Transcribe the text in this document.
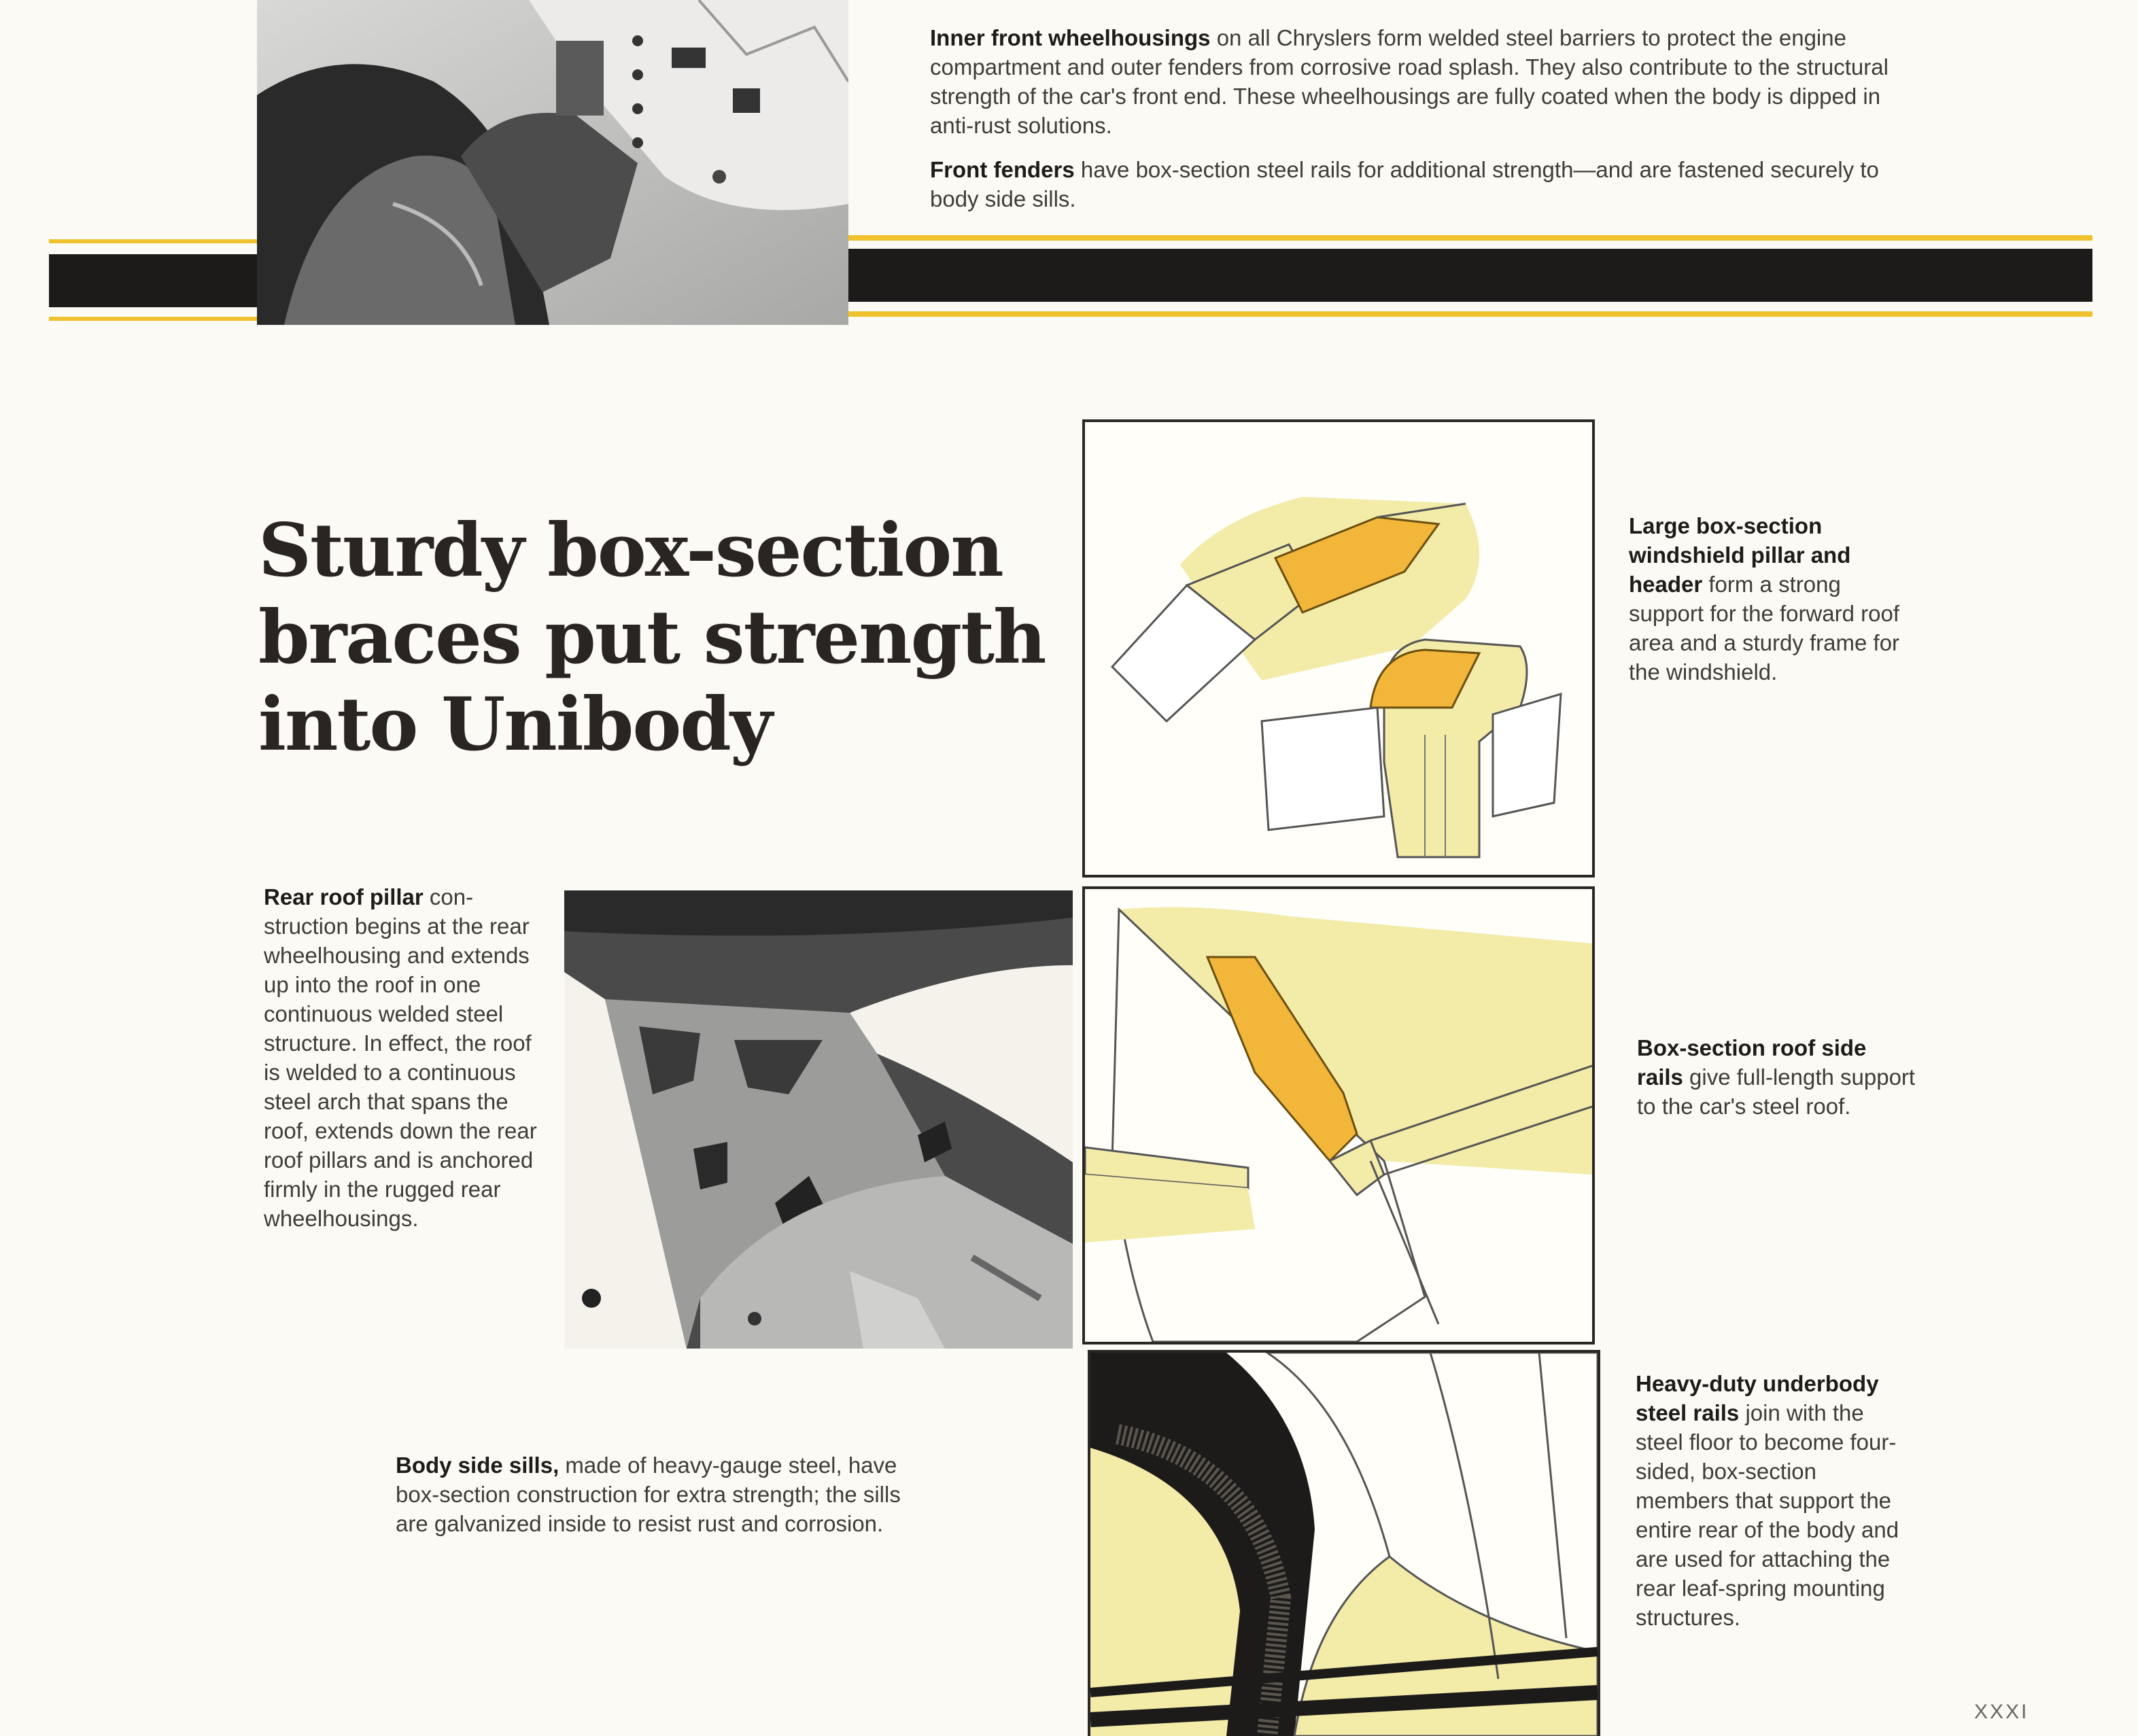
Inner front wheelhousings on all Chryslers form welded steel barriers to protect the engine compartment and outer fenders from corrosive road splash. They also contribute to the structural strength of the car's front end. These wheelhousings are fully coated when the body is dipped in anti-rust solutions.
Front fenders have box-section steel rails for additional strength—and are fastened securely to body side sills.
Sturdy box-section
braces put strength
into Unibody
Large box-section windshield pillar and header form a strong support for the forward roof area and a sturdy frame for the windshield.
Rear roof pillar con-struction begins at the rear wheelhousing and extends up into the roof in one continuous welded steel structure. In effect, the roof is welded to a continuous steel arch that spans the roof, extends down the rear roof pillars and is anchored firmly in the rugged rear wheelhousings.
Box-section roof side rails give full-length support to the car's steel roof.
Body side sills, made of heavy-gauge steel, have box-section construction for extra strength; the sills are galvanized inside to resist rust and corrosion.
Heavy-duty underbody steel rails join with the steel floor to become four-sided, box-section members that support the entire rear of the body and are used for attaching the rear leaf-spring mounting structures.
XXXI
